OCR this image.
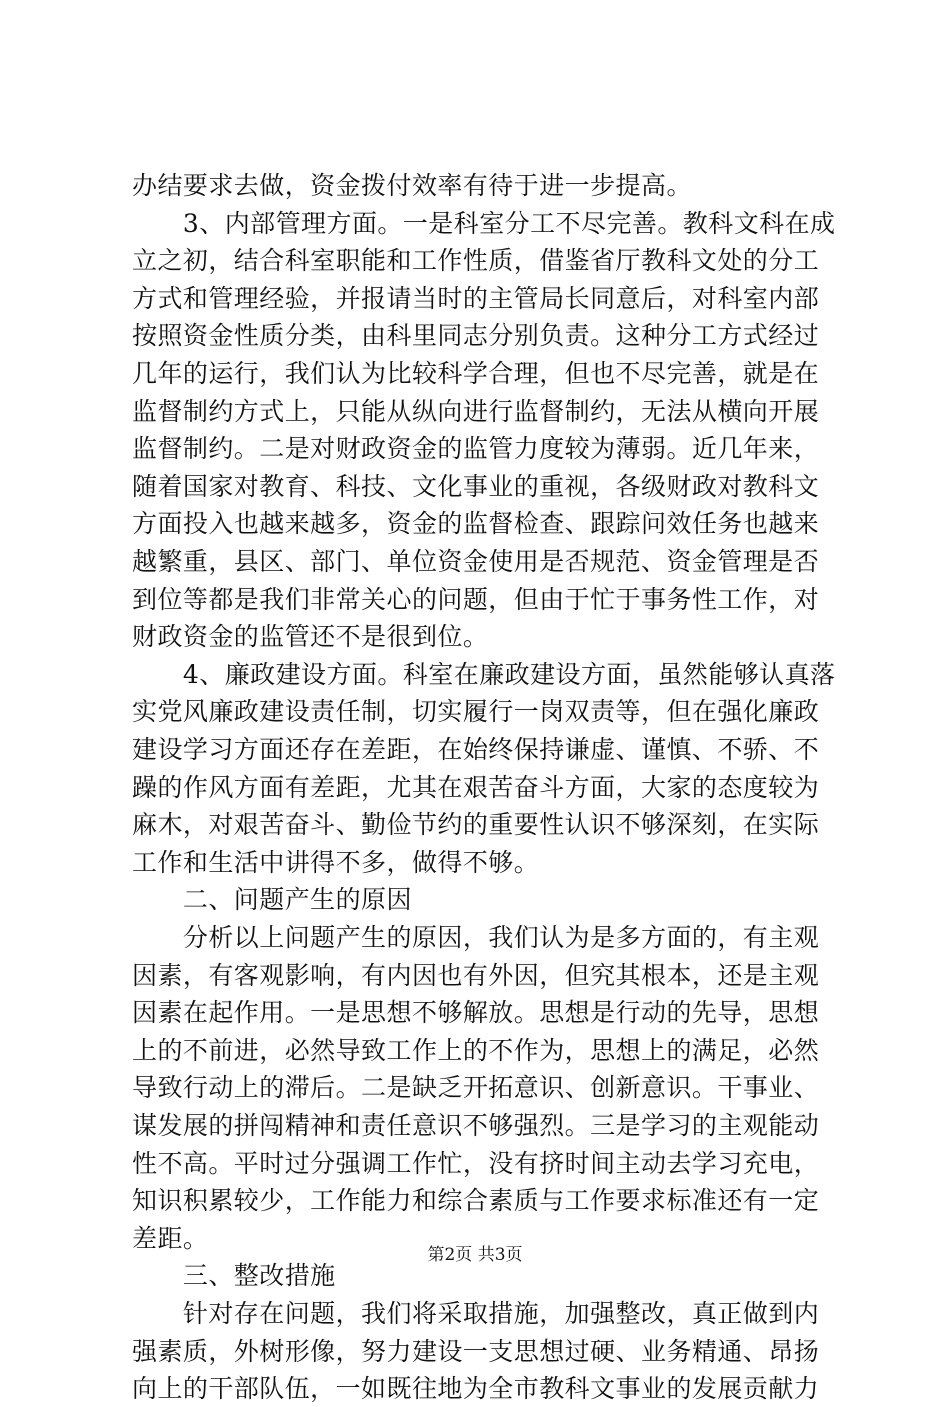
办结要求去做，资金拨付效率有待于进一步提高。
　　3、内部管理方面。一是科室分工不尽完善。教科文科在成
立之初，结合科室职能和工作性质，借鉴省厅教科文处的分工
方式和管理经验，并报请当时的主管局长同意后，对科室内部
按照资金性质分类，由科里同志分别负责。这种分工方式经过
几年的运行，我们认为比较科学合理，但也不尽完善，就是在
监督制约方式上，只能从纵向进行监督制约，无法从横向开展
监督制约。二是对财政资金的监管力度较为薄弱。近几年来，
随着国家对教育、科技、文化事业的重视，各级财政对教科文
方面投入也越来越多，资金的监督检查、跟踪问效任务也越来
越繁重，县区、部门、单位资金使用是否规范、资金管理是否
到位等都是我们非常关心的问题，但由于忙于事务性工作，对
财政资金的监管还不是很到位。
　　4、廉政建设方面。科室在廉政建设方面，虽然能够认真落
实党风廉政建设责任制，切实履行一岗双责等，但在强化廉政
建设学习方面还存在差距，在始终保持谦虚、谨慎、不骄、不
躁的作风方面有差距，尤其在艰苦奋斗方面，大家的态度较为
麻木，对艰苦奋斗、勤俭节约的重要性认识不够深刻，在实际
工作和生活中讲得不多，做得不够。
　　二、问题产生的原因
　　分析以上问题产生的原因，我们认为是多方面的，有主观
因素，有客观影响，有内因也有外因，但究其根本，还是主观
因素在起作用。一是思想不够解放。思想是行动的先导，思想
上的不前进，必然导致工作上的不作为，思想上的满足，必然
导致行动上的滞后。二是缺乏开拓意识、创新意识。干事业、
谋发展的拼闯精神和责任意识不够强烈。三是学习的主观能动
性不高。平时过分强调工作忙，没有挤时间主动去学习充电，
知识积累较少，工作能力和综合素质与工作要求标准还有一定
差距。
　　三、整改措施
　　针对存在问题，我们将采取措施，加强整改，真正做到内
强素质，外树形像，努力建设一支思想过硬、业务精通、昂扬
向上的干部队伍，一如既往地为全市教科文事业的发展贡献力
第2页 共3页
